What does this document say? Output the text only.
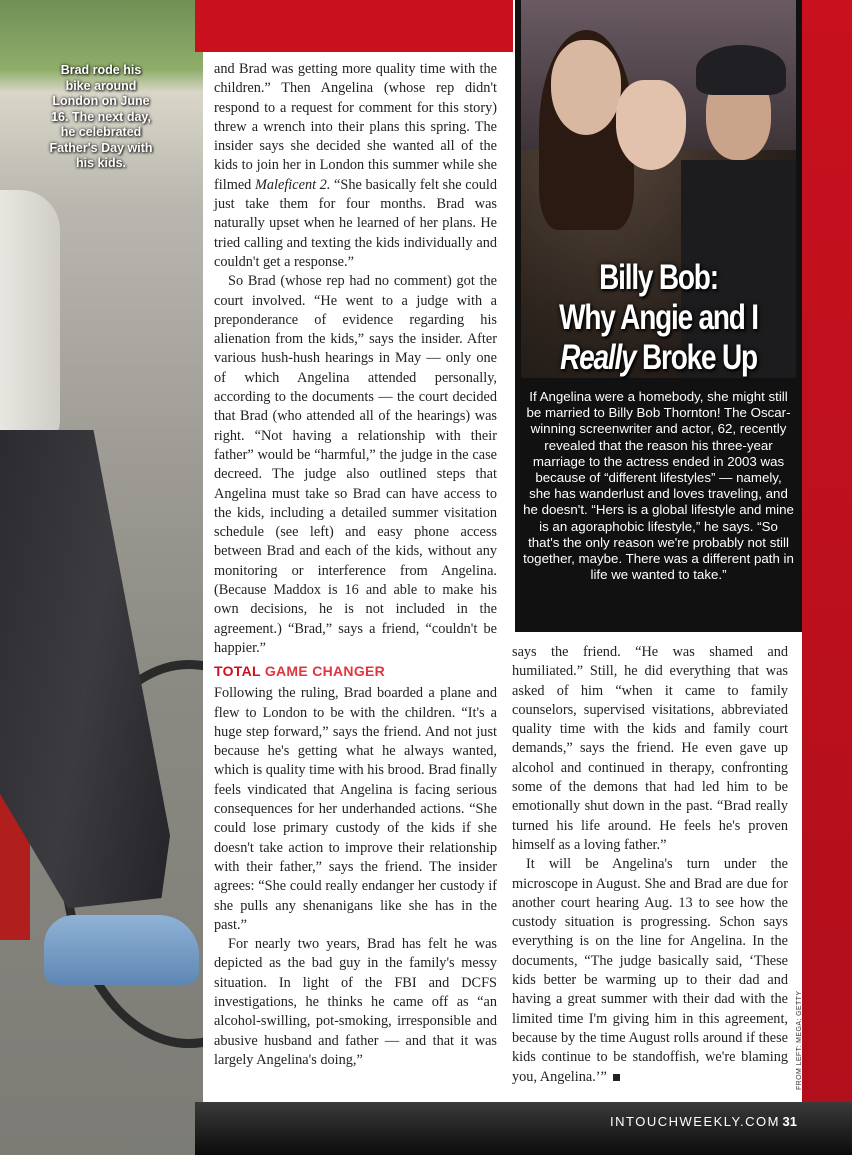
Brad rode his bike around London on June 16. The next day, he celebrated Father's Day with his kids.
Billy Bob:
Why Angie and I
Really Broke Up
If Angelina were a homebody, she might still be married to Billy Bob Thornton! The Oscar-winning screenwriter and actor, 62, recently revealed that the reason his three-year marriage to the actress ended in 2003 was because of “different lifestyles” — namely, she has wanderlust and loves traveling, and he doesn't. “Hers is a global lifestyle and mine is an agoraphobic lifestyle,” he says. “So that's the only reason we're probably not still together, maybe. There was a different path in life we wanted to take.”

and Brad was getting more quality time with the children.” Then Angelina (whose rep didn't respond to a request for comment for this story) threw a wrench into their plans this spring. The insider says she decided she wanted all of the kids to join her in London this summer while she filmed Maleficent 2. “She basically felt she could just take them for four months. Brad was naturally upset when he learned of her plans. He tried calling and texting the kids individually and couldn't get a response.”

So Brad (whose rep had no comment) got the court involved. “He went to a judge with a preponderance of evidence regarding his alienation from the kids,” says the insider. After various hush-hush hearings in May — only one of which Angelina attended personally, according to the documents — the court decided that Brad (who attended all of the hearings) was right. “Not having a relationship with their father” would be “harmful,” the judge in the case decreed. The judge also outlined steps that Angelina must take so Brad can have access to the kids, including a detailed summer visitation schedule (see left) and easy phone access between Brad and each of the kids, without any monitoring or interference from Angelina. (Because Maddox is 16 and able to make his own decisions, he is not included in the agreement.) “Brad,” says a friend, “couldn't be happier.”

TOTAL GAME CHANGER

Following the ruling, Brad boarded a plane and flew to London to be with the children. “It's a huge step forward,” says the friend. And not just because he's getting what he always wanted, which is quality time with his brood. Brad finally feels vindicated that Angelina is facing serious consequences for her underhanded actions. “She could lose primary custody of the kids if she doesn't take action to improve their relationship with their father,” says the friend. The insider agrees: “She could really endanger her custody if she pulls any shenanigans like she has in the past.”

For nearly two years, Brad has felt he was depicted as the bad guy in the family's messy situation. In light of the FBI and DCFS investigations, he thinks he came off as “an alcohol-swilling, pot-smoking, irresponsible and abusive husband and father — and that it was largely Angelina's doing,”

says the friend. “He was shamed and humiliated.” Still, he did everything that was asked of him “when it came to family counselors, supervised visitations, abbreviated quality time with the kids and family court demands,” says the friend. He even gave up alcohol and continued in therapy, confronting some of the demons that had led him to be emotionally shut down in the past. “Brad really turned his life around. He feels he's proven himself as a loving father.”

It will be Angelina's turn under the microscope in August. She and Brad are due for another court hearing Aug. 13 to see how the custody situation is progressing. Schon says everything is on the line for Angelina. In the documents, “The judge basically said, ‘These kids better be warming up to their dad and having a great summer with their dad with the limited time I'm giving him in this agreement, because by the time August rolls around if these kids continue to be standoffish, we're blaming you, Angelina.’”	FROM LEFT: MEGA; GETTY
INTOUCHWEEKLY.COM 31
